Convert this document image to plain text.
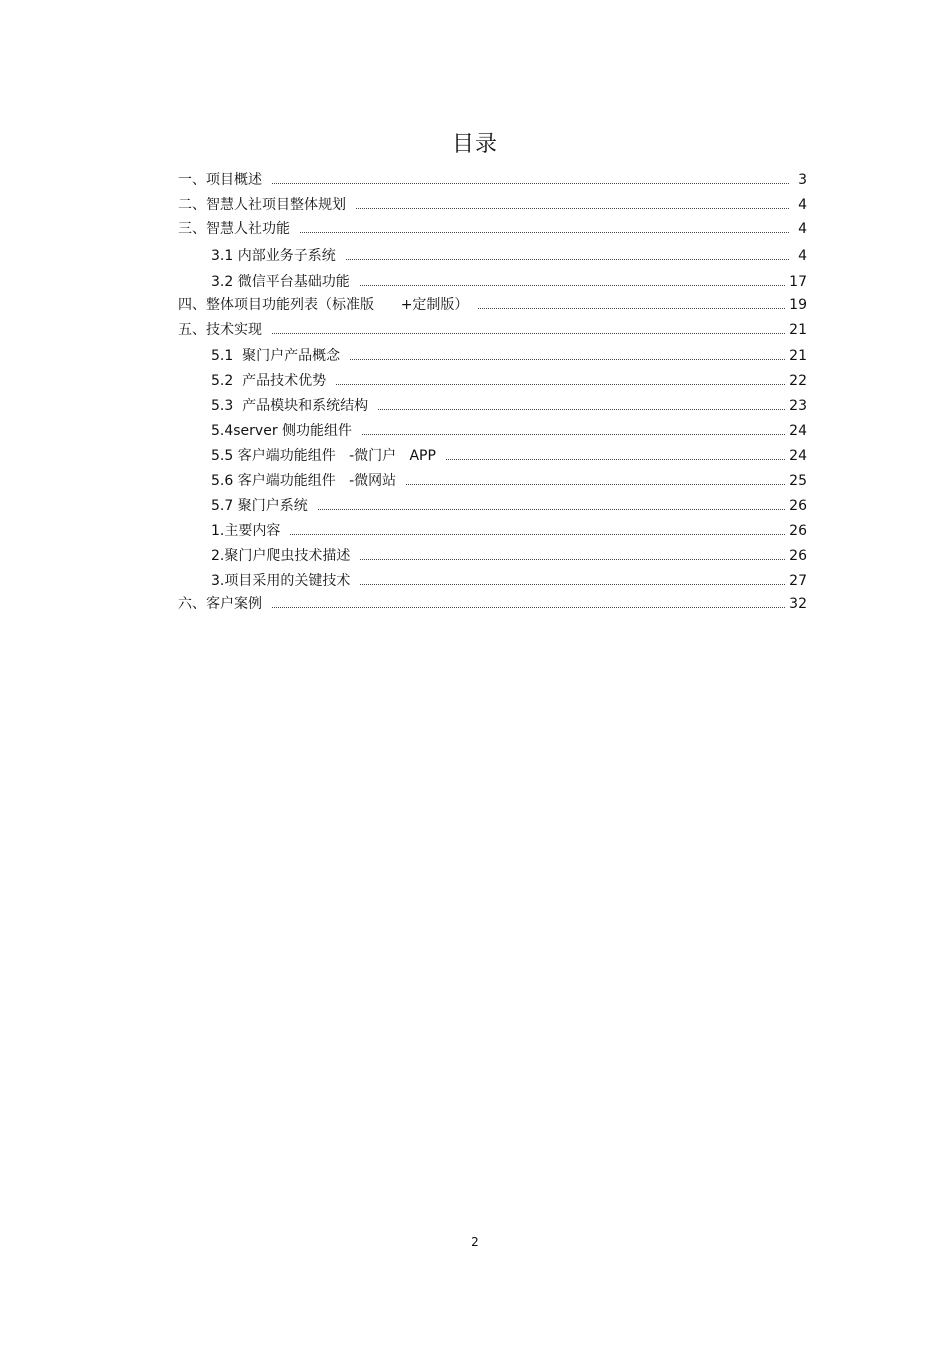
目录
一、项目概述	3
二、智慧人社项目整体规划	4
三、智慧人社功能	4
3.1 内部业务子系统	4
3.2 微信平台基础功能	17
四、整体项目功能列表（标准版      +定制版）	19
五、技术实现	21
5.1  聚门户产品概念	21
5.2  产品技术优势	22
5.3  产品模块和系统结构	23
5.4server 侧功能组件	24
5.5 客户端功能组件   -微门户   APP	24
5.6 客户端功能组件   -微网站	25
5.7 聚门户系统	26
1.主要内容	26
2.聚门户爬虫技术描述	26
3.项目采用的关键技术	27
六、客户案例	32
2
